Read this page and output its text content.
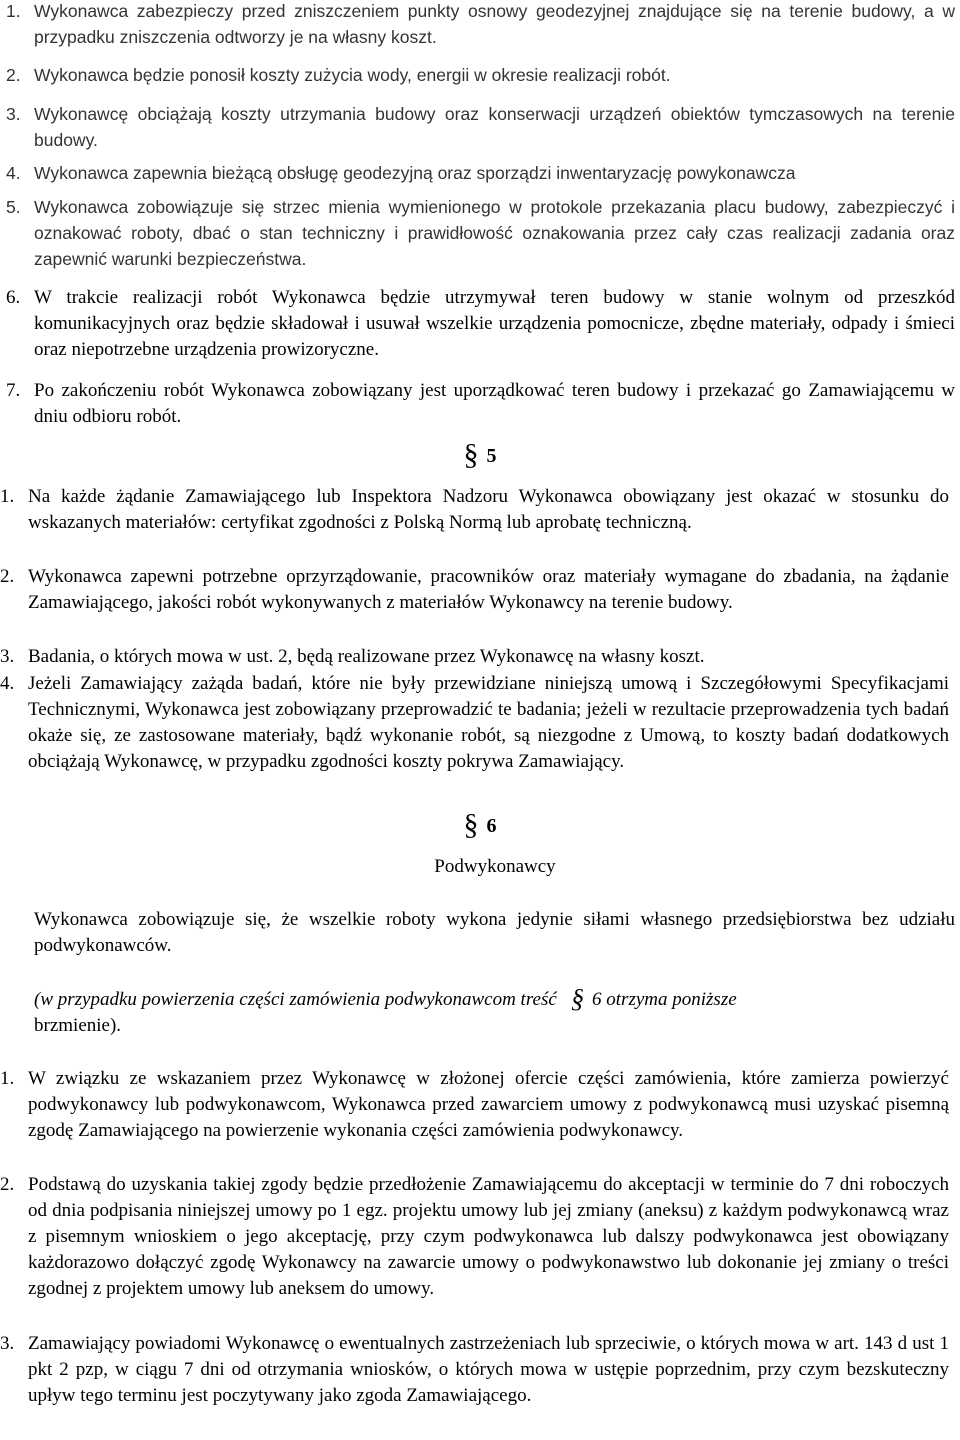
1. Wykonawca zabezpieczy przed zniszczeniem punkty osnowy geodezyjnej znajdujące się na terenie budowy, a w przypadku zniszczenia odtworzy je na własny koszt.

2. Wykonawca będzie ponosił koszty zużycia wody, energii w okresie realizacji robót.

3. Wykonawcę obciążają koszty utrzymania budowy oraz konserwacji urządzeń obiektów tymczasowych na terenie budowy.

4. Wykonawca zapewnia bieżącą obsługę geodezyjną oraz sporządzi inwentaryzację powykonawcza

5. Wykonawca zobowiązuje się strzec mienia wymienionego w protokole przekazania placu budowy, zabezpieczyć i oznakować roboty, dbać o stan techniczny i prawidłowość oznakowania przez cały czas realizacji zadania oraz zapewnić warunki bezpieczeństwa.

6. W trakcie realizacji robót Wykonawca będzie utrzymywał teren budowy w stanie wolnym od przeszkód komunikacyjnych oraz będzie składował i usuwał wszelkie urządzenia pomocnicze, zbędne materiały, odpady i śmieci oraz niepotrzebne urządzenia prowizoryczne.

7. Po zakończeniu robót Wykonawca zobowiązany jest uporządkować teren budowy i przekazać go Zamawiającemu w dniu odbioru robót.

§ 5
1. Na każde żądanie Zamawiającego lub Inspektora Nadzoru Wykonawca obowiązany jest okazać w stosunku do wskazanych materiałów: certyfikat zgodności z Polską Normą lub aprobatę techniczną.

2. Wykonawca zapewni potrzebne oprzyrządowanie, pracowników oraz materiały wymagane do zbadania, na żądanie Zamawiającego, jakości robót wykonywanych z materiałów Wykonawcy na terenie budowy.

3. Badania, o których mowa w ust. 2, będą realizowane przez Wykonawcę na własny koszt.

4. Jeżeli Zamawiający zażąda badań, które nie były przewidziane niniejszą umową i Szczegółowymi Specyfikacjami Technicznymi, Wykonawca jest zobowiązany przeprowadzić te badania; jeżeli w rezultacie przeprowadzenia tych badań okaże się, ze zastosowane materiały, bądź wykonanie robót, są niezgodne z Umową, to koszty badań dodatkowych obciążają Wykonawcę, w przypadku zgodności koszty pokrywa Zamawiający.

§ 6
Podwykonawcy

Wykonawca zobowiązuje się, że wszelkie roboty wykona jedynie siłami własnego przedsiębiorstwa bez udziału podwykonawców.

(w przypadku powierzenia części zamówienia podwykonawcom treść § 6 otrzyma poniższe
brzmienie).

1. W związku ze wskazaniem przez Wykonawcę w złożonej ofercie części zamówienia, które zamierza powierzyć podwykonawcy lub podwykonawcom, Wykonawca przed zawarciem umowy z podwykonawcą musi uzyskać pisemną zgodę Zamawiającego na powierzenie wykonania części zamówienia podwykonawcy.

2. Podstawą do uzyskania takiej zgody będzie przedłożenie Zamawiającemu do akceptacji w terminie do 7 dni roboczych od dnia podpisania niniejszej umowy po 1 egz. projektu umowy lub jej zmiany (aneksu) z każdym podwykonawcą wraz z pisemnym wnioskiem o jego akceptację, przy czym podwykonawca lub dalszy podwykonawca jest obowiązany każdorazowo dołączyć zgodę Wykonawcy na zawarcie umowy o podwykonawstwo lub dokonanie jej zmiany o treści zgodnej z projektem umowy lub aneksem do umowy.

3. Zamawiający powiadomi Wykonawcę o ewentualnych zastrzeżeniach lub sprzeciwie, o których mowa w art. 143 d ust 1 pkt 2 pzp, w ciągu 7 dni od otrzymania wniosków, o których mowa w ustępie poprzednim, przy czym bezskuteczny upływ tego terminu jest poczytywany jako zgoda Zamawiającego.
